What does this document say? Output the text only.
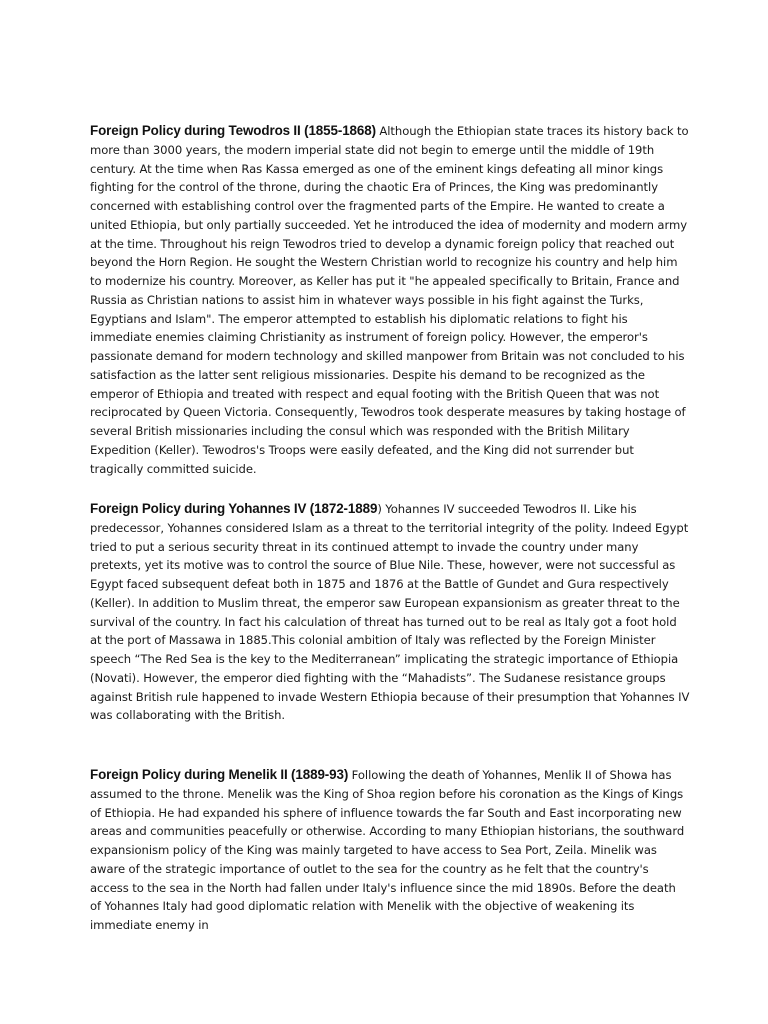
Foreign Policy during Tewodros II (1855-1868) Although the Ethiopian state traces its history back to more than 3000 years, the modern imperial state did not begin to emerge until the middle of 19th century. At the time when Ras Kassa emerged as one of the eminent kings defeating all minor kings fighting for the control of the throne, during the chaotic Era of Princes, the King was predominantly concerned with establishing control over the fragmented parts of the Empire. He wanted to create a united Ethiopia, but only partially succeeded. Yet he introduced the idea of modernity and modern army at the time. Throughout his reign Tewodros tried to develop a dynamic foreign policy that reached out beyond the Horn Region. He sought the Western Christian world to recognize his country and help him to modernize his country. Moreover, as Keller has put it "he appealed specifically to Britain, France and Russia as Christian nations to assist him in whatever ways possible in his fight against the Turks, Egyptians and Islam". The emperor attempted to establish his diplomatic relations to fight his immediate enemies claiming Christianity as instrument of foreign policy. However, the emperor's passionate demand for modern technology and skilled manpower from Britain was not concluded to his satisfaction as the latter sent religious missionaries. Despite his demand to be recognized as the emperor of Ethiopia and treated with respect and equal footing with the British Queen that was not reciprocated by Queen Victoria. Consequently, Tewodros took desperate measures by taking hostage of several British missionaries including the consul which was responded with the British Military Expedition (Keller). Tewodros's Troops were easily defeated, and the King did not surrender but tragically committed suicide.

Foreign Policy during Yohannes IV (1872-1889) Yohannes IV succeeded Tewodros II. Like his predecessor, Yohannes considered Islam as a threat to the territorial integrity of the polity. Indeed Egypt tried to put a serious security threat in its continued attempt to invade the country under many pretexts, yet its motive was to control the source of Blue Nile. These, however, were not successful as Egypt faced subsequent defeat both in 1875 and 1876 at the Battle of Gundet and Gura respectively (Keller). In addition to Muslim threat, the emperor saw European expansionism as greater threat to the survival of the country. In fact his calculation of threat has turned out to be real as Italy got a foot hold at the port of Massawa in 1885.This colonial ambition of Italy was reflected by the Foreign Minister speech “The Red Sea is the key to the Mediterranean” implicating the strategic importance of Ethiopia (Novati). However, the emperor died fighting with the “Mahadists”. The Sudanese resistance groups against British rule happened to invade Western Ethiopia because of their presumption that Yohannes IV was collaborating with the British.

Foreign Policy during Menelik II (1889-93) Following the death of Yohannes, Menlik II of Showa has assumed to the throne. Menelik was the King of Shoa region before his coronation as the Kings of Kings of Ethiopia. He had expanded his sphere of influence towards the far South and East incorporating new areas and communities peacefully or otherwise. According to many Ethiopian historians, the southward expansionism policy of the King was mainly targeted to have access to Sea Port, Zeila. Minelik was aware of the strategic importance of outlet to the sea for the country as he felt that the country's access to the sea in the North had fallen under Italy's influence since the mid 1890s. Before the death of Yohannes Italy had good diplomatic relation with Menelik with the objective of weakening its immediate enemy in
